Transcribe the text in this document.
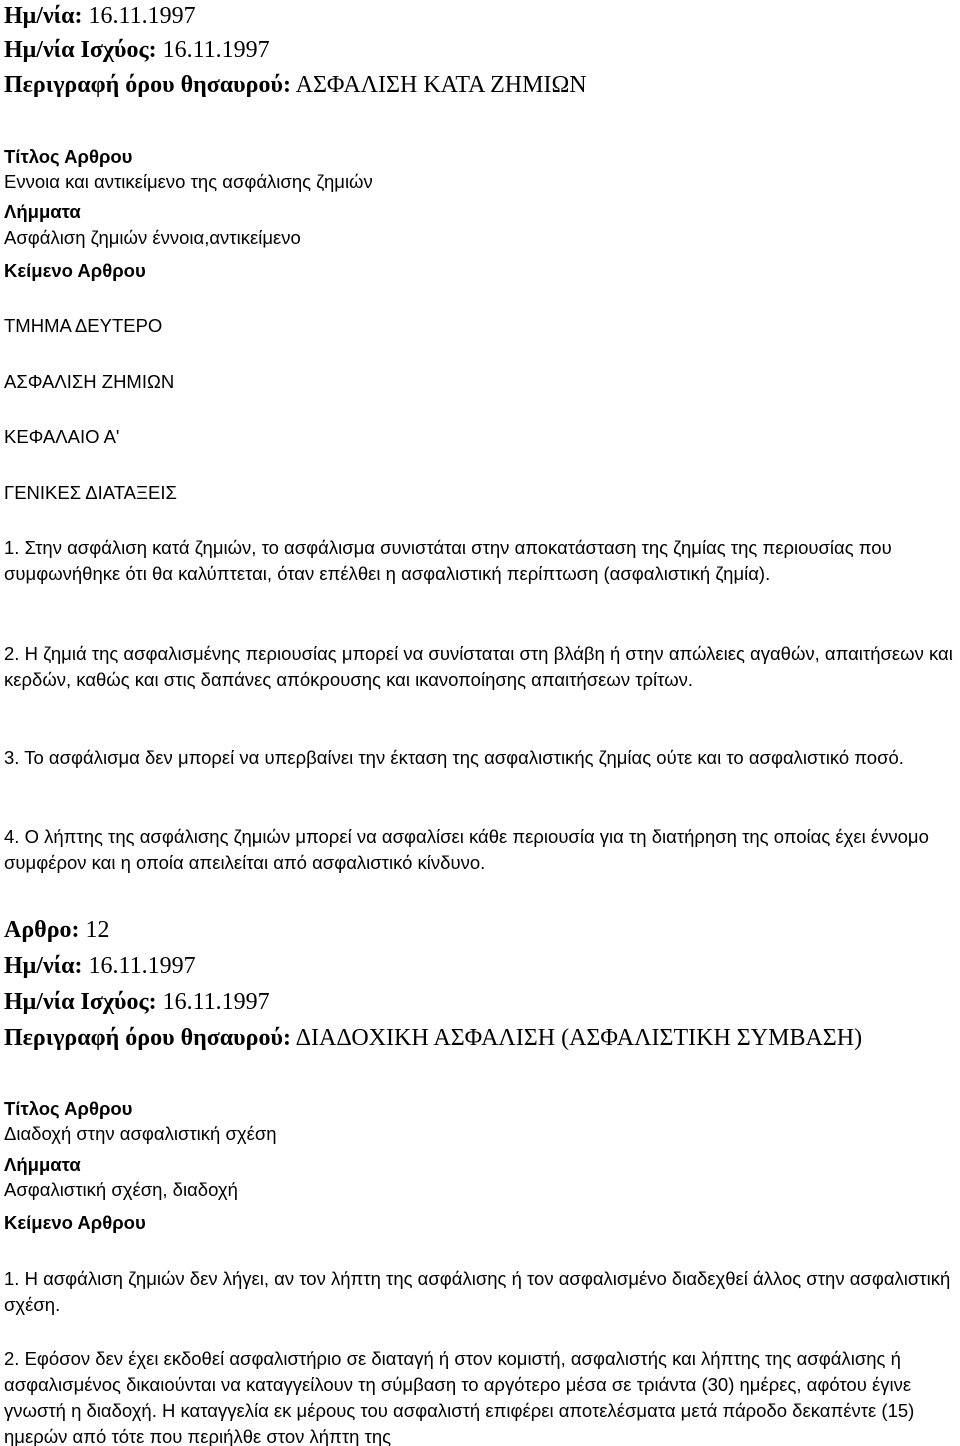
Ημ/νία: 16.11.1997
Ημ/νία Ισχύος: 16.11.1997
Περιγραφή όρου θησαυρού: ΑΣΦΑΛΙΣΗ ΚΑΤΑ ΖΗΜΙΩΝ
Τίτλος Αρθρου
Εννοια και αντικείμενο της ασφάλισης ζημιών
Λήμματα
Ασφάλιση ζημιών έννοια,αντικείμενο
Κείμενο Αρθρου
ΤΜΗΜΑ ΔΕΥΤΕΡΟ
ΑΣΦΑΛΙΣΗ ΖΗΜΙΩΝ
ΚΕΦΑΛΑΙΟ Α'
ΓΕΝΙΚΕΣ ΔΙΑΤΑΞΕΙΣ

1. Στην ασφάλιση κατά ζημιών, το ασφάλισμα συνιστάται στην αποκατάσταση της ζημίας της περιουσίας που συμφωνήθηκε ότι θα καλύπτεται, όταν επέλθει η ασφαλιστική περίπτωση (ασφαλιστική ζημία).

2. Η ζημιά της ασφαλισμένης περιουσίας μπορεί να συνίσταται στη βλάβη ή στην απώλειες αγαθών, απαιτήσεων και κερδών, καθώς και στις δαπάνες απόκρουσης και ικανοποίησης απαιτήσεων τρίτων.

3. Το ασφάλισμα δεν μπορεί να υπερβαίνει την έκταση της ασφαλιστικής ζημίας ούτε και το ασφαλιστικό ποσό.

4. Ο λήπτης της ασφάλισης ζημιών μπορεί να ασφαλίσει κάθε περιουσία για τη διατήρηση της οποίας έχει έννομο συμφέρον και η οποία απειλείται από ασφαλιστικό κίνδυνο.

Αρθρο: 12
Ημ/νία: 16.11.1997
Ημ/νία Ισχύος: 16.11.1997
Περιγραφή όρου θησαυρού: ΔΙΑΔΟΧΙΚΗ ΑΣΦΑΛΙΣΗ (ΑΣΦΑΛΙΣΤΙΚΗ ΣΥΜΒΑΣΗ)
Τίτλος Αρθρου
Διαδοχή στην ασφαλιστική σχέση
Λήμματα
Ασφαλιστική σχέση, διαδοχή
Κείμενο Αρθρου

1. Η ασφάλιση ζημιών δεν λήγει, αν τον λήπτη της ασφάλισης ή τον ασφαλισμένο διαδεχθεί άλλος στην ασφαλιστική σχέση.

2. Εφόσον δεν έχει εκδοθεί ασφαλιστήριο σε διαταγή ή στον κομιστή, ασφαλιστής και λήπτης της ασφάλισης ή ασφαλισμένος δικαιούνται να καταγγείλουν τη σύμβαση το αργότερο μέσα σε τριάντα (30) ημέρες, αφότου έγινε γνωστή η διαδοχή. Η καταγγελία εκ μέρους του ασφαλιστή επιφέρει αποτελέσματα μετά πάροδο δεκαπέντε (15) ημερών από τότε που περιήλθε στον λήπτη της
